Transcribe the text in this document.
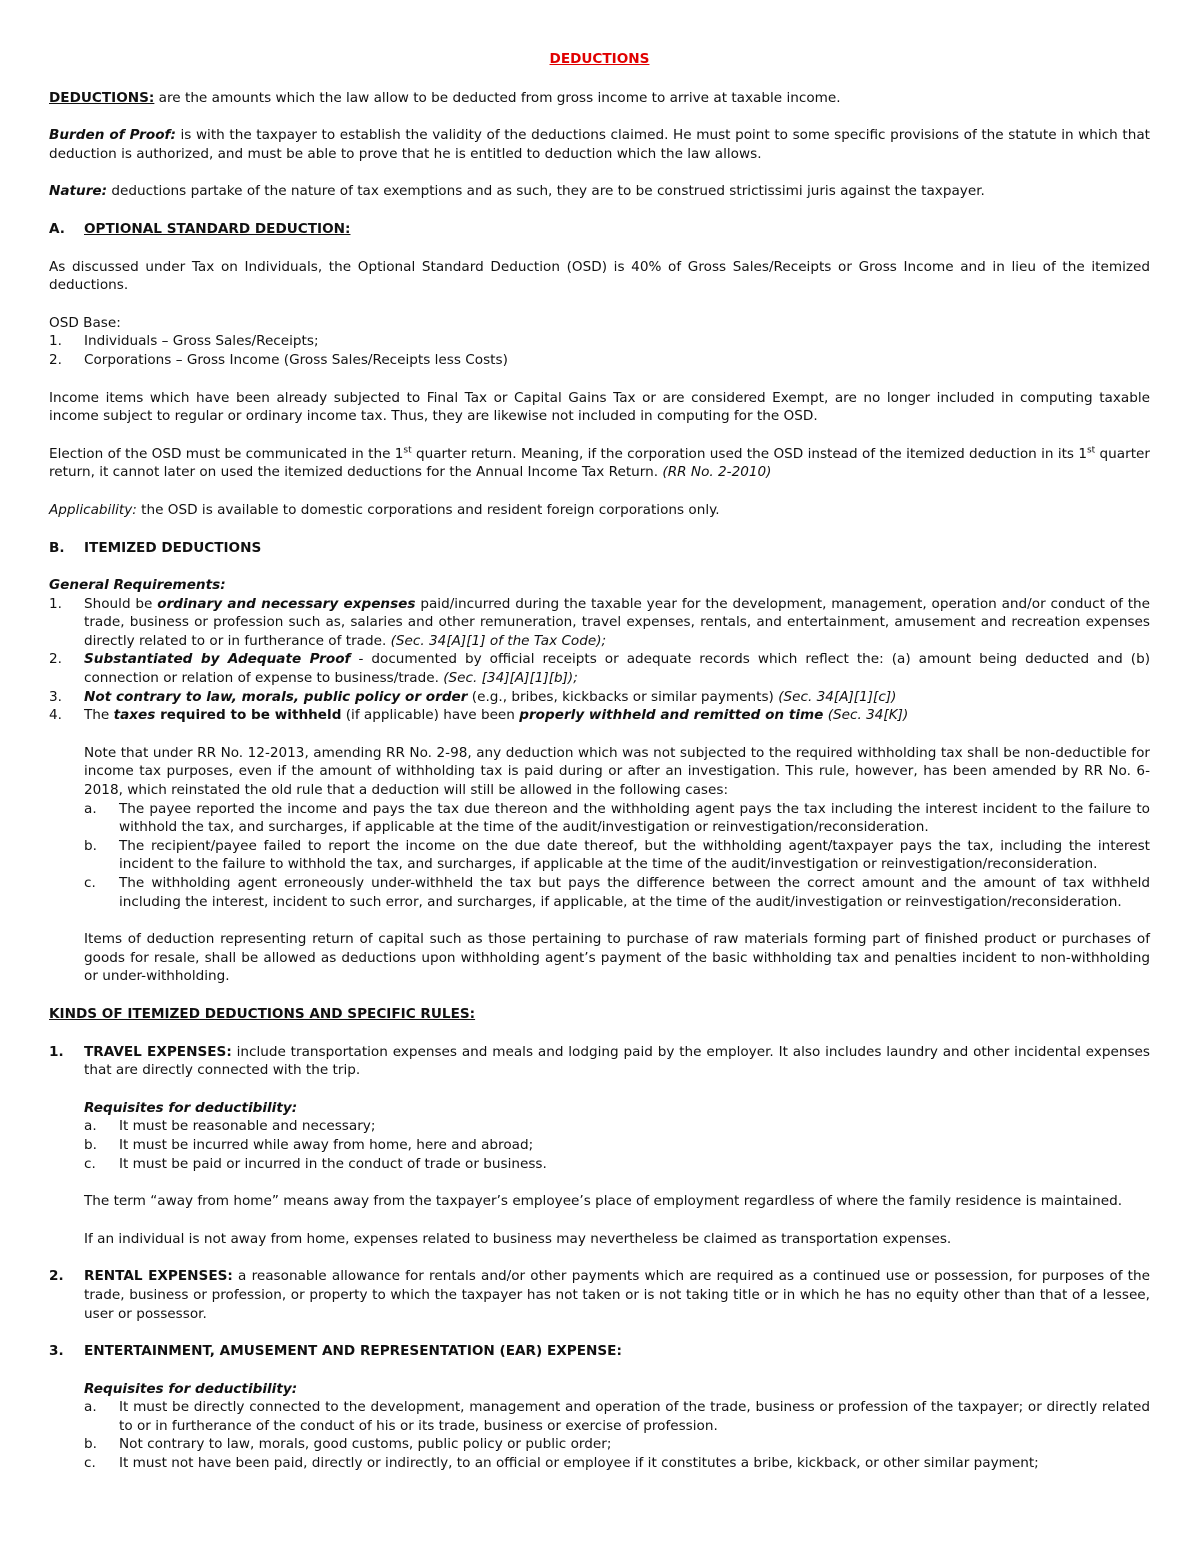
DEDUCTIONS

DEDUCTIONS: are the amounts which the law allow to be deducted from gross income to arrive at taxable income.

Burden of Proof: is with the taxpayer to establish the validity of the deductions claimed. He must point to some specific provisions of the statute in which that deduction is authorized, and must be able to prove that he is entitled to deduction which the law allows.

Nature: deductions partake of the nature of tax exemptions and as such, they are to be construed strictissimi juris against the taxpayer.

A.	OPTIONAL STANDARD DEDUCTION:

As discussed under Tax on Individuals, the Optional Standard Deduction (OSD) is 40% of Gross Sales/Receipts or Gross Income and in lieu of the itemized deductions.

OSD Base:

1.	Individuals – Gross Sales/Receipts;
2.	Corporations – Gross Income (Gross Sales/Receipts less Costs)

Income items which have been already subjected to Final Tax or Capital Gains Tax or are considered Exempt, are no longer included in computing taxable income subject to regular or ordinary income tax. Thus, they are likewise not included in computing for the OSD.

Election of the OSD must be communicated in the 1st quarter return. Meaning, if the corporation used the OSD instead of the itemized deduction in its 1st quarter return, it cannot later on used the itemized deductions for the Annual Income Tax Return. (RR No. 2-2010)

Applicability: the OSD is available to domestic corporations and resident foreign corporations only.

B.	ITEMIZED DEDUCTIONS

General Requirements:

1.	Should be ordinary and necessary expenses paid/incurred during the taxable year for the development, management, operation and/or conduct of the trade, business or profession such as, salaries and other remuneration, travel expenses, rentals, and entertainment, amusement and recreation expenses directly related to or in furtherance of trade. (Sec. 34[A][1] of the Tax Code);
2.	Substantiated by Adequate Proof - documented by official receipts or adequate records which reflect the: (a) amount being deducted and (b) connection or relation of expense to business/trade. (Sec. [34][A][1][b]);
3.	Not contrary to law, morals, public policy or order (e.g., bribes, kickbacks or similar payments) (Sec. 34[A][1][c])
4.	The taxes required to be withheld (if applicable) have been properly withheld and remitted on time (Sec. 34[K])

Note that under RR No. 12-2013, amending RR No. 2-98, any deduction which was not subjected to the required withholding tax shall be non-deductible for income tax purposes, even if the amount of withholding tax is paid during or after an investigation. This rule, however, has been amended by RR No. 6-2018, which reinstated the old rule that a deduction will still be allowed in the following cases:

a.	The payee reported the income and pays the tax due thereon and the withholding agent pays the tax including the interest incident to the failure to withhold the tax, and surcharges, if applicable at the time of the audit/investigation or reinvestigation/reconsideration.
b.	The recipient/payee failed to report the income on the due date thereof, but the withholding agent/taxpayer pays the tax, including the interest incident to the failure to withhold the tax, and surcharges, if applicable at the time of the audit/investigation or reinvestigation/reconsideration.
c.	The withholding agent erroneously under-withheld the tax but pays the difference between the correct amount and the amount of tax withheld including the interest, incident to such error, and surcharges, if applicable, at the time of the audit/investigation or reinvestigation/reconsideration.

Items of deduction representing return of capital such as those pertaining to purchase of raw materials forming part of finished product or purchases of goods for resale, shall be allowed as deductions upon withholding agent’s payment of the basic withholding tax and penalties incident to non-withholding or under-withholding.

KINDS OF ITEMIZED DEDUCTIONS AND SPECIFIC RULES:

1.	TRAVEL EXPENSES: include transportation expenses and meals and lodging paid by the employer. It also includes laundry and other incidental expenses that are directly connected with the trip.

Requisites for deductibility:

a.	It must be reasonable and necessary;
b.	It must be incurred while away from home, here and abroad;
c.	It must be paid or incurred in the conduct of trade or business.

The term “away from home” means away from the taxpayer’s employee’s place of employment regardless of where the family residence is maintained.

If an individual is not away from home, expenses related to business may nevertheless be claimed as transportation expenses.

2.	RENTAL EXPENSES: a reasonable allowance for rentals and/or other payments which are required as a continued use or possession, for purposes of the trade, business or profession, or property to which the taxpayer has not taken or is not taking title or in which he has no equity other than that of a lessee, user or possessor.
3.	ENTERTAINMENT, AMUSEMENT AND REPRESENTATION (EAR) EXPENSE:

Requisites for deductibility:

a.	It must be directly connected to the development, management and operation of the trade, business or profession of the taxpayer; or directly related to or in furtherance of the conduct of his or its trade, business or exercise of profession.
b.	Not contrary to law, morals, good customs, public policy or public order;
c.	It must not have been paid, directly or indirectly, to an official or employee if it constitutes a bribe, kickback, or other similar payment;
